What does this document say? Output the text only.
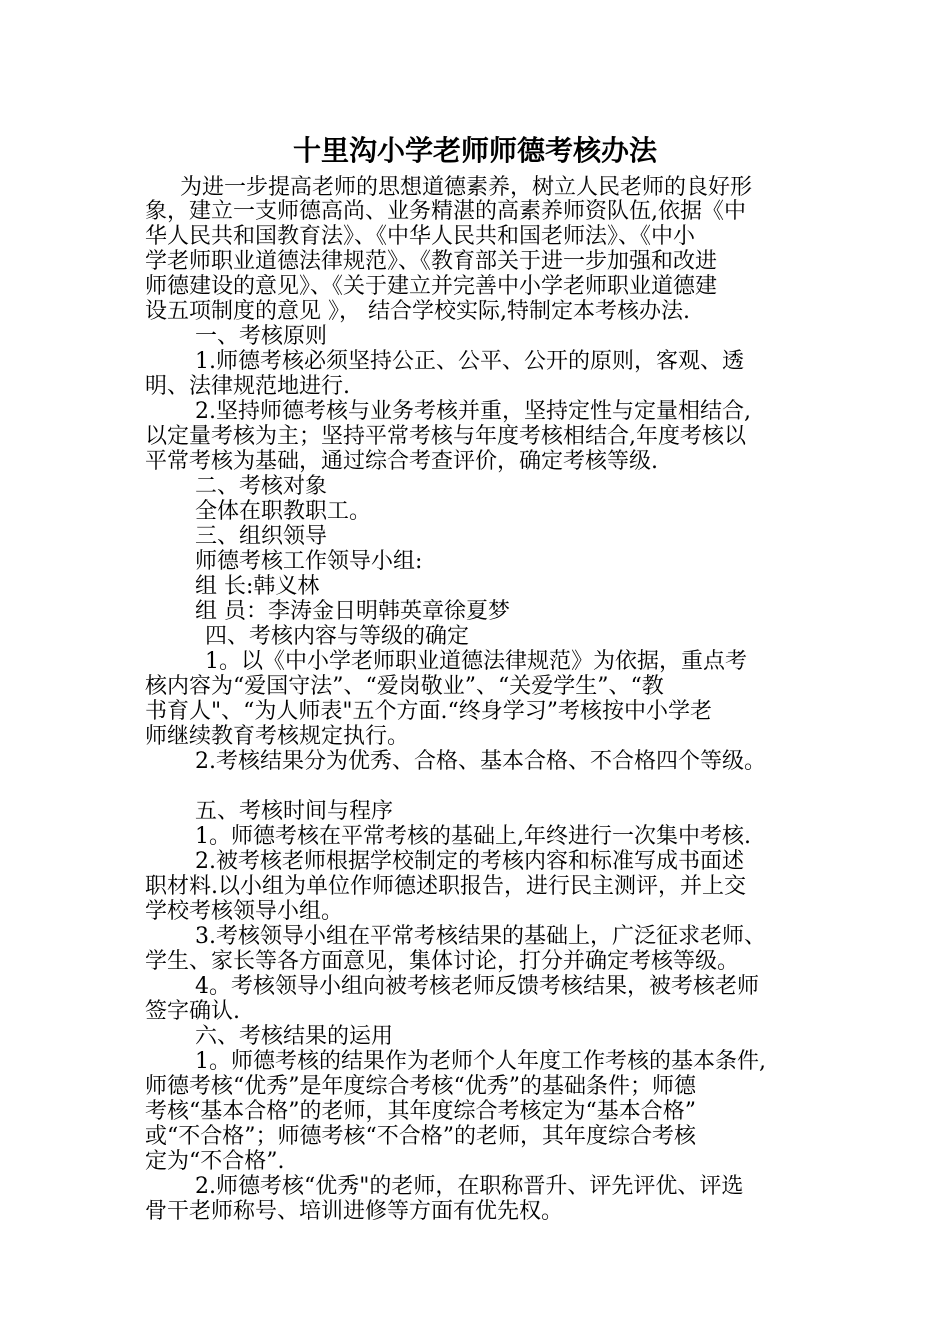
十里沟小学老师师德考核办法

为进一步提高老师的思想道德素养，树立人民老师的良好形

象，建立一支师德高尚、业务精湛的高素养师资队伍,依据《中

华人民共和国教育法》、《中华人民共和国老师法》、《中小

学老师职业道德法律规范》、《教育部关于进一步加强和改进

师德建设的意见》、《关于建立并完善中小学老师职业道德建

设五项制度的意见 》， 结合学校实际,特制定本考核办法.

一、考核原则

1.师德考核必须坚持公正、公平、公开的原则，客观、透

明、法律规范地进行.

2.坚持师德考核与业务考核并重，坚持定性与定量相结合,

以定量考核为主；坚持平常考核与年度考核相结合,年度考核以

平常考核为基础，通过综合考查评价，确定考核等级.

二、考核对象

全体在职教职工。

三、组织领导

师德考核工作领导小组:

组 长:韩义林

组 员：李涛金日明韩英章徐夏梦

四、考核内容与等级的确定

1。以《中小学老师职业道德法律规范》为依据，重点考

核内容为“爱国守法”、“爱岗敬业”、“关爱学生”、“教

书育人"、“为人师表"五个方面.“终身学习”考核按中小学老

师继续教育考核规定执行。

2.考核结果分为优秀、合格、基本合格、不合格四个等级。

五、考核时间与程序

1。师德考核在平常考核的基础上,年终进行一次集中考核.

2.被考核老师根据学校制定的考核内容和标准写成书面述

职材料.以小组为单位作师德述职报告，进行民主测评，并上交

学校考核领导小组。

3.考核领导小组在平常考核结果的基础上，广泛征求老师、

学生、家长等各方面意见，集体讨论，打分并确定考核等级。

4。考核领导小组向被考核老师反馈考核结果，被考核老师

签字确认.

六、考核结果的运用

1。师德考核的结果作为老师个人年度工作考核的基本条件,

师德考核“优秀”是年度综合考核“优秀”的基础条件；师德

考核“基本合格”的老师，其年度综合考核定为“基本合格”

或“不合格”；师德考核“不合格”的老师，其年度综合考核

定为“不合格”.

2.师德考核“优秀"的老师，在职称晋升、评先评优、评选

骨干老师称号、培训进修等方面有优先权。
